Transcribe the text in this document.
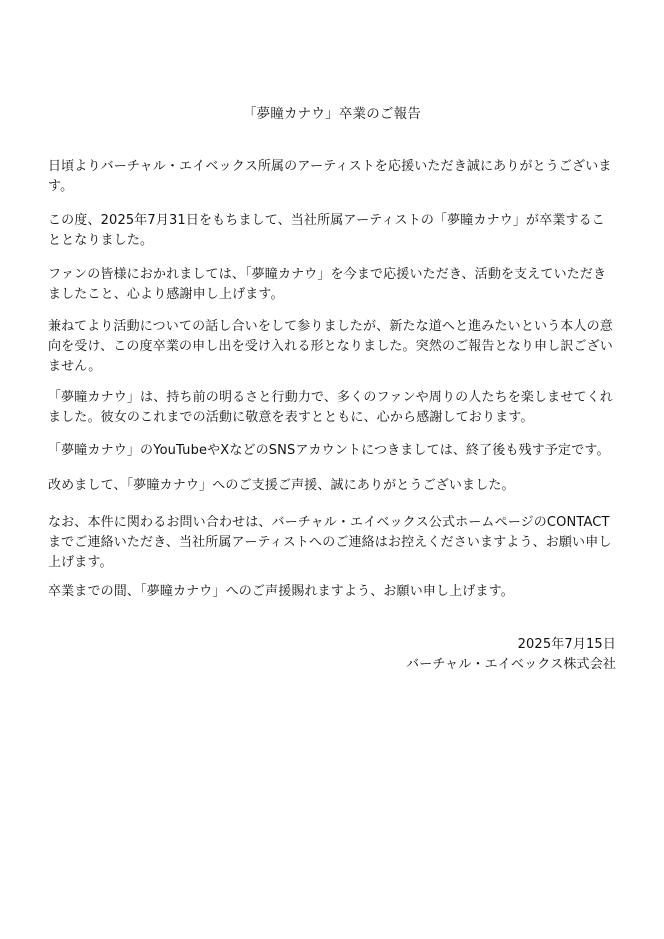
「夢瞳カナウ」卒業のご報告

日頃よりバーチャル・エイベックス所属のアーティストを応援いただき誠にありがとうございます。

この度、2025年7月31日をもちまして、当社所属アーティストの「夢瞳カナウ」が卒業することとなりました。

ファンの皆様におかれましては、「夢瞳カナウ」を今まで応援いただき、活動を支えていただきましたこと、心より感謝申し上げます。

兼ねてより活動についての話し合いをして参りましたが、新たな道へと進みたいという本人の意向を受け、この度卒業の申し出を受け入れる形となりました。突然のご報告となり申し訳ございません。

「夢瞳カナウ」は、持ち前の明るさと行動力で、多くのファンや周りの人たちを楽しませてくれました。彼女のこれまでの活動に敬意を表すとともに、心から感謝しております。

「夢瞳カナウ」のYouTubeやXなどのSNSアカウントにつきましては、終了後も残す予定です。

改めまして、「夢瞳カナウ」へのご支援ご声援、誠にありがとうございました。

なお、本件に関わるお問い合わせは、バーチャル・エイベックス公式ホームページのCONTACTまでご連絡いただき、当社所属アーティストへのご連絡はお控えくださいますよう、お願い申し上げます。

卒業までの間、「夢瞳カナウ」へのご声援賜れますよう、お願い申し上げます。

2025年7月15日
バーチャル・エイベックス株式会社
